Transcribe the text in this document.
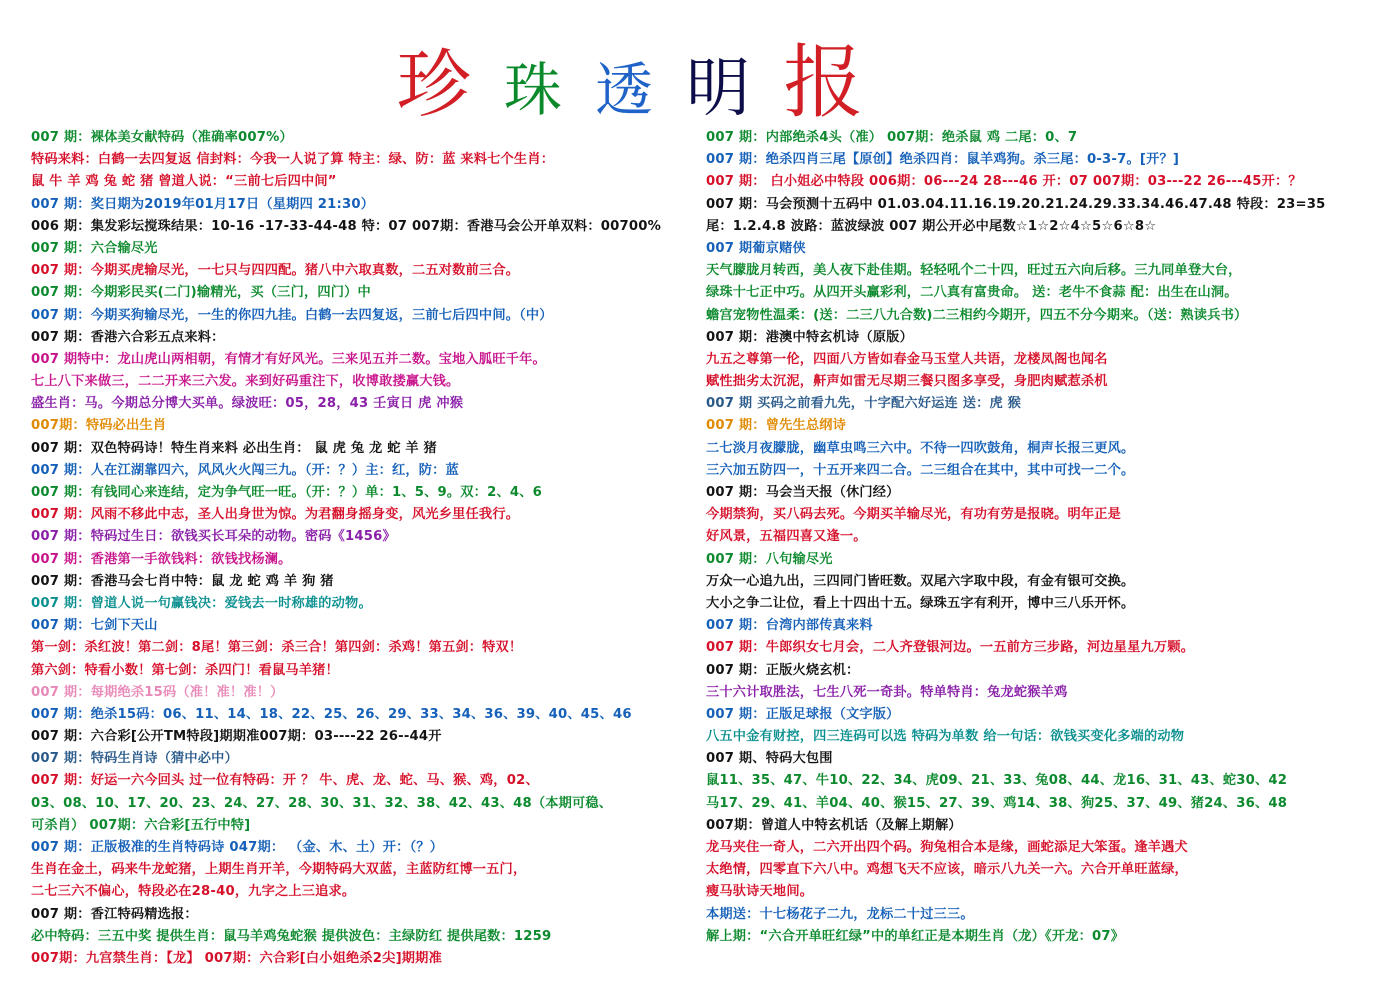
珍 珠 透 明 报
007 期：裸体美女献特码（准确率007%）
特码来料：白鹤一去四复返 信封料：今我一人说了算 特主：绿、防：蓝 来料七个生肖：
鼠 牛 羊 鸡 兔 蛇 猪 曾道人说：“三前七后四中间”
007 期：奖日期为2019年01月17日（星期四 21:30）
006 期：集发彩坛搅珠结果：10-16 -17-33-44-48 特：07 007期：香港马会公开单双料：00700%
007 期：六合输尽光
007 期：今期买虎输尽光，一七只与四四配。猪八中六取真数，二五对数前三合。
007 期：今期彩民买(二门)输精光，买（三门，四门）中
007 期：今期买狗输尽光，一生的你四九挂。白鹤一去四复返，三前七后四中间。（中）
007 期：香港六合彩五点来料：
007 期特中：龙山虎山两相朝，有情才有好风光。三来见五并二数。宝地入胍旺千年。
七上八下来做三，二二开来三六发。来到好码重注下，收博敢搂赢大钱。
盛生肖：马。今期总分博大买单。绿波旺：05，28，43 壬寅日 虎 冲猴
007期：特码必出生肖
007 期：双色特码诗！特生肖来料 必出生肖： 鼠 虎 兔 龙 蛇 羊 猪
007 期：人在江湖靠四六，风风火火闯三九。（开：？）主：红，防：蓝
007 期：有钱同心来连结，定为争气旺一旺。（开：？）单：1、5、9。双：2、4、6
007 期：风雨不移此中志，圣人出身世为惊。为君翻身摇身变，风光乡里任我行。
007 期：特码过生日：欲钱买长耳朵的动物。密码《1456》
007 期：香港第一手欲钱料：欲钱找杨澜。
007 期：香港马会七肖中特：鼠 龙 蛇 鸡 羊 狗 猪
007 期：曾道人说一句赢钱决：爱钱去一时称雄的动物。
007 期：七剑下天山
第一剑：杀红波！第二剑：8尾！第三剑：杀三合！第四剑：杀鸡！第五剑：特双！
第六剑：特看小数！第七剑：杀四门！看鼠马羊猪！
007 期：每期绝杀15码（准！准！准！）
007 期：绝杀15码：06、11、14、18、22、25、26、29、33、34、36、39、40、45、46
007 期：六合彩[公开TM特段]期期准007期：03----22 26--44开
007 期：特码生肖诗（猜中必中）
007 期：好运一六今回头 过一位有特码：开 ？ 牛、虎、龙、蛇、马、猴、鸡，02、
03、08、10、17、20、23、24、27、28、30、31、32、38、42、43、48（本期可稳、
可杀肖） 007期：六合彩[五行中特]
007 期：正版极准的生肖特码诗 047期： （金、木、土）开：（？）
生肖在金土，码来牛龙蛇猪，上期生肖开羊，今期特码大双蓝，主蓝防红博一五门，
二七三六不偏心，特段必在28-40，九字之上三追求。
007 期：香江特码精选报：
必中特码：三五中奖 提供生肖：鼠马羊鸡兔蛇猴 提供波色：主绿防红 提供尾数：1259
007期：九宫禁生肖：【龙】 007期：六合彩[白小姐绝杀2尖]期期准
007 期：内部绝杀4头（准） 007期：绝杀鼠 鸡 二尾：0、7
007 期：绝杀四肖三尾【原创】绝杀四肖：鼠羊鸡狗。杀三尾：0-3-7。[开？]
007 期： 白小姐必中特段 006期：06---24 28---46 开：07 007期：03---22 26---45开：？
007 期：马会预测十五码中 01.03.04.11.16.19.20.21.24.29.33.34.46.47.48 特段：23=35
尾：1.2.4.8 波路：蓝波绿波 007 期公开必中尾数☆1☆2☆4☆5☆6☆8☆
007 期葡京赌侠
天气朦胧月转西，美人夜下赴佳期。轻轻吼个二十四，旺过五六向后移。三九同单登大台，
绿珠十七正中巧。从四开头赢彩利，二八真有富贵命。 送：老牛不食蒜 配：出生在山洞。
蟾宫宠物性温柔：(送：二三八九合数)二三相约今期开，四五不分今期来。（送：熟读兵书）
007 期：港澳中特玄机诗（原版）
九五之尊第一伦，四面八方皆如春金马玉堂人共语，龙楼凤阁也闻名
赋性拙劣太沉泥，鼾声如雷无尽期三餐只图多享受，身肥肉赋惹杀机
007 期 买码之前看九先，十字配六好运连 送：虎 猴
007 期：曾先生总纲诗
二七淡月夜朦胧，幽草虫鸣三六中。不待一四吹鼓角，桐声长报三更风。
三六加五防四一，十五开来四二合。二三组合在其中，其中可找一二个。
007 期：马会当天报（休门经）
今期禁狗，买八码去死。今期买羊输尽光，有功有劳是报晓。明年正是
好风景，五福四喜又逢一。
007 期：八句输尽光
万众一心追九出，三四同门皆旺数。双尾六字取中段，有金有银可交换。
大小之争二让位，看上十四出十五。绿珠五字有利开，博中三八乐开怀。
007 期：台湾内部传真来料
007 期：牛郎织女七月会，二人齐登银河边。一五前方三步路，河边星星九万颗。
007 期：正版火烧玄机：
三十六计取胜法，七生八死一奇卦。特单特肖：兔龙蛇猴羊鸡
007 期：正版足球报（文字版）
八五中金有财控，四三连码可以选 特码为单数 给一句话：欲钱买变化多端的动物
007 期、特码大包围
鼠11、35、47、牛10、22、34、虎09、21、33、兔08、44、龙16、31、43、蛇30、42
马17、29、41、羊04、40、猴15、27、39、鸡14、38、狗25、37、49、猪24、36、48
007期：曾道人中特玄机话（及解上期解）
龙马夹住一奇人，二六开出四个码。狗兔相合本是缘，画蛇添足大笨蛋。逢羊遇犬
太绝情，四零直下六八中。鸡想飞天不应该，暗示八九关一六。六合开单旺蓝绿，
瘦马驮诗天地间。
本期送：十七杨花子二九，龙标二十过三三。
解上期：“六合开单旺红绿”中的单红正是本期生肖（龙）《开龙：07》
